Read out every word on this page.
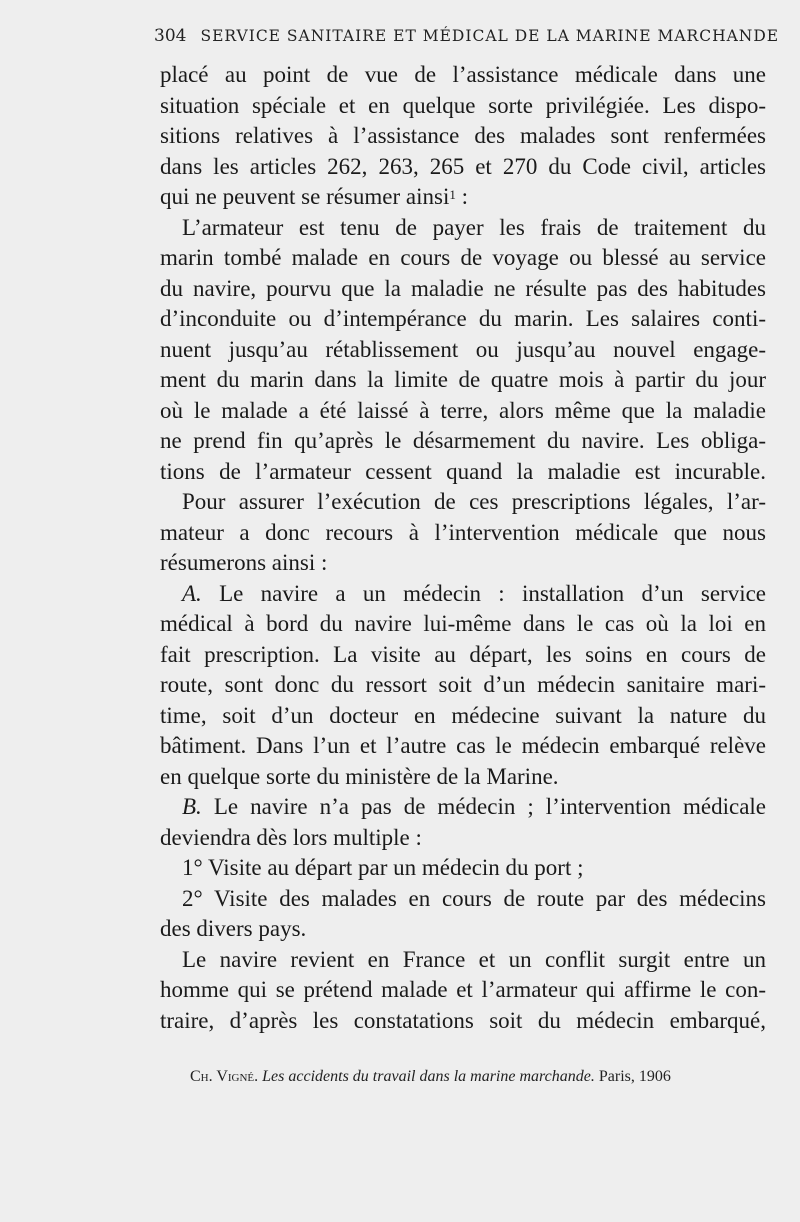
304 SERVICE SANITAIRE ET MÉDICAL DE LA MARINE MARCHANDE
placé au point de vue de l’assistance médicale dans une
situation spéciale et en quelque sorte privilégiée. Les dispo-
sitions relatives à l’assistance des malades sont renfermées
dans les articles 262, 263, 265 et 270 du Code civil, articles
qui ne peuvent se résumer ainsi$^1$ :
L’armateur est tenu de payer les frais de traitement du
marin tombé malade en cours de voyage ou blessé au service
du navire, pourvu que la maladie ne résulte pas des habitudes
d’inconduite ou d’intempérance du marin. Les salaires conti-
nuent jusqu’au rétablissement ou jusqu’au nouvel engage-
ment du marin dans la limite de quatre mois à partir du jour
où le malade a été laissé à terre, alors même que la maladie
ne prend fin qu’après le désarmement du navire. Les obliga-
tions de l’armateur cessent quand la maladie est incurable.
Pour assurer l’exécution de ces prescriptions légales, l’ar-
mateur a donc recours à l’intervention médicale que nous
résumerons ainsi :
A. Le navire a un médecin : installation d’un service
médical à bord du navire lui-même dans le cas où la loi en
fait prescription. La visite au départ, les soins en cours de
route, sont donc du ressort soit d’un médecin sanitaire mari-
time, soit d’un docteur en médecine suivant la nature du
bâtiment. Dans l’un et l’autre cas le médecin embarqué relève
en quelque sorte du ministère de la Marine.
B. Le navire n’a pas de médecin ; l’intervention médicale
deviendra dès lors multiple :
1° Visite au départ par un médecin du port ;
2° Visite des malades en cours de route par des médecins
des divers pays.
Le navire revient en France et un conflit surgit entre un
homme qui se prétend malade et l’armateur qui affirme le con-
traire, d’après les constatations soit du médecin embarqué,
Ch. Vigné. Les accidents du travail dans la marine marchande. Paris, 1906
